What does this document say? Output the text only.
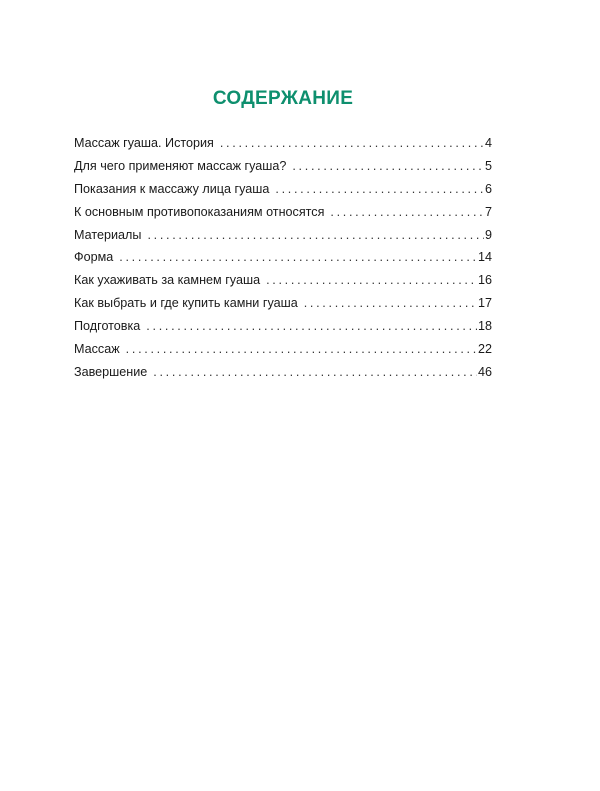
СОДЕРЖАНИЕ
Массаж гуаша. История . . .	4
Для чего применяют массаж гуаша? . . .	5
Показания к массажу лица гуаша . . .	6
К основным противопоказаниям относятся . . .	7
Материалы . . .	9
Форма . . .	14
Как ухаживать за камнем гуаша . . .	16
Как выбрать и где купить камни гуаша . . .	17
Подготовка . . .	18
Массаж . . .	22
Завершение . . .	46
